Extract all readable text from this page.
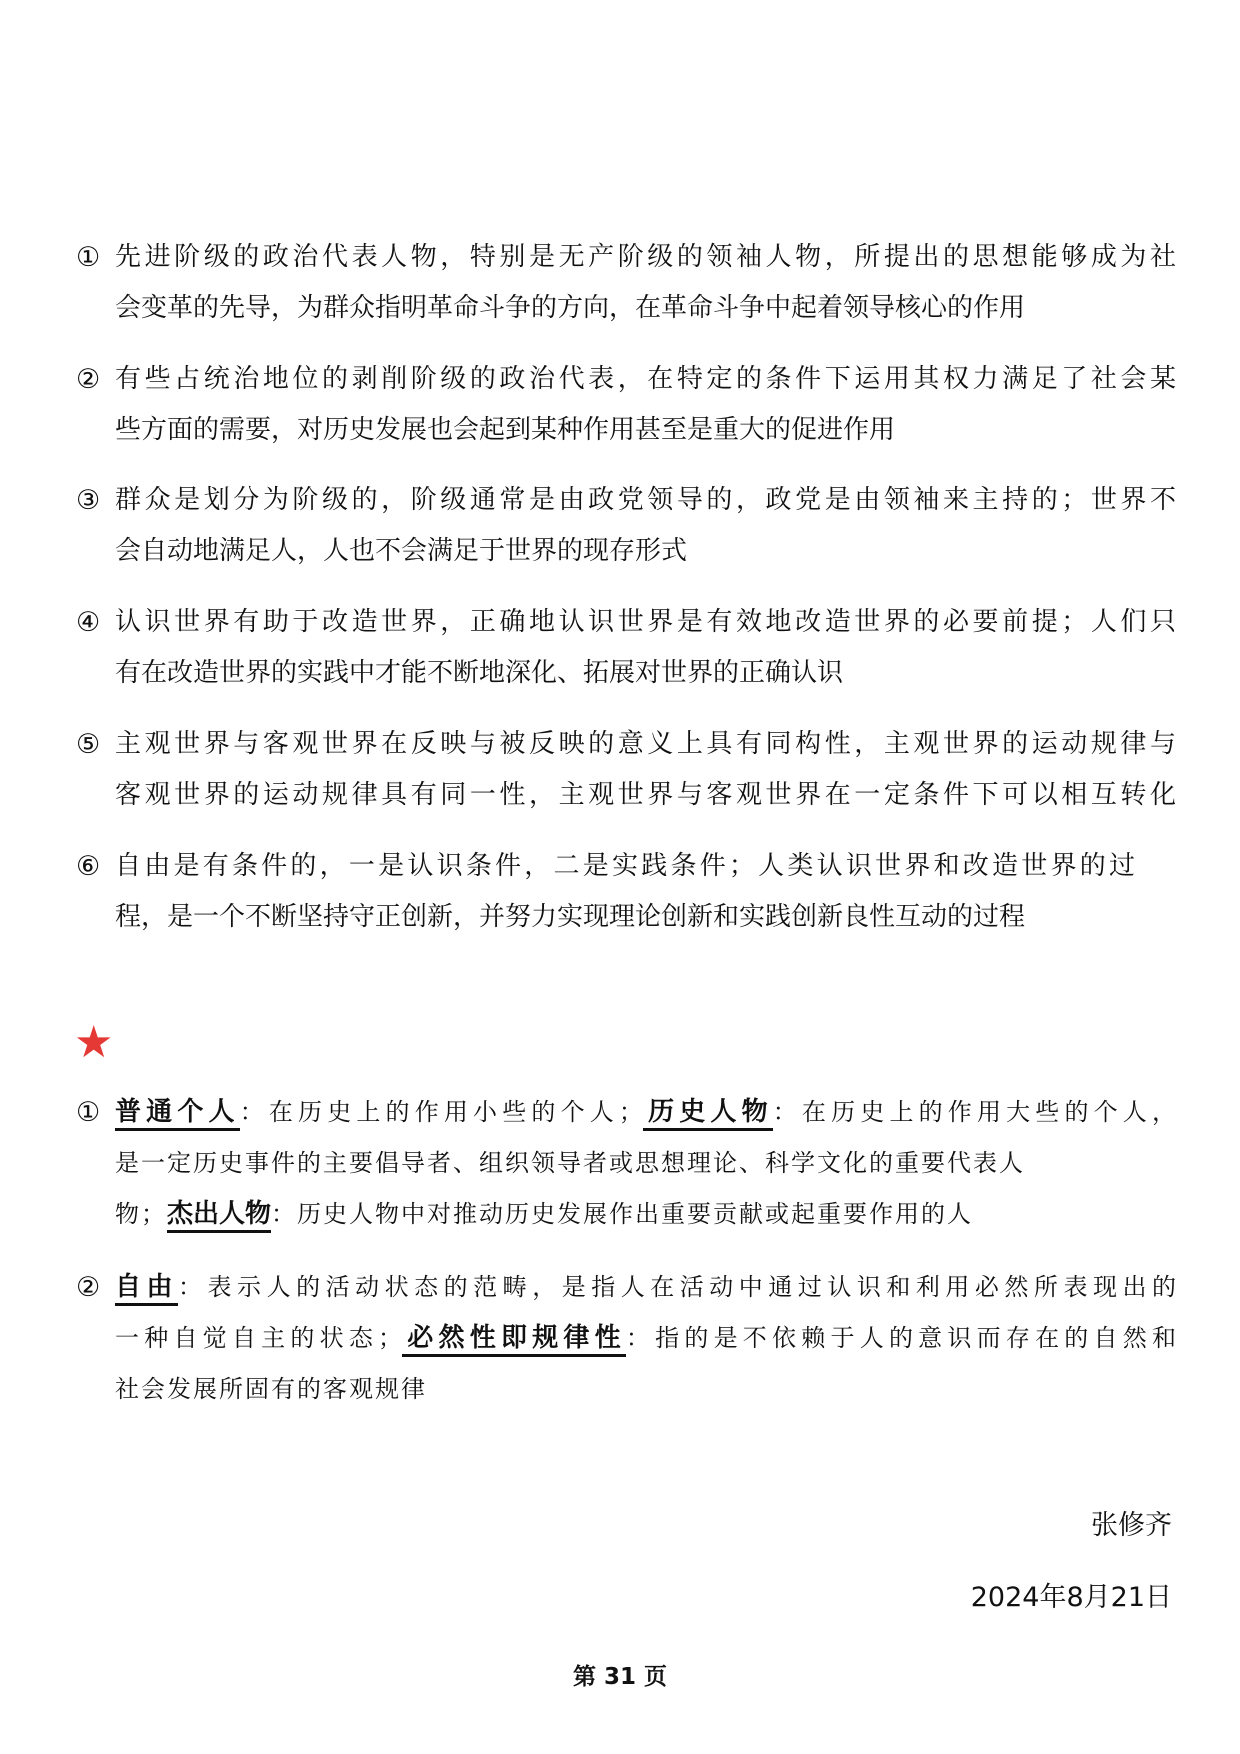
① 先进阶级的政治代表人物，特别是无产阶级的领袖人物，所提出的思想能够成为社
会变革的先导，为群众指明革命斗争的方向，在革命斗争中起着领导核心的作用
② 有些占统治地位的剥削阶级的政治代表，在特定的条件下运用其权力满足了社会某
些方面的需要，对历史发展也会起到某种作用甚至是重大的促进作用
③ 群众是划分为阶级的，阶级通常是由政党领导的，政党是由领袖来主持的；世界不
会自动地满足人，人也不会满足于世界的现存形式
④ 认识世界有助于改造世界，正确地认识世界是有效地改造世界的必要前提；人们只
有在改造世界的实践中才能不断地深化、拓展对世界的正确认识
⑤ 主观世界与客观世界在反映与被反映的意义上具有同构性，主观世界的运动规律与
客观世界的运动规律具有同一性，主观世界与客观世界在一定条件下可以相互转化
⑥ 自由是有条件的，一是认识条件，二是实践条件；人类认识世界和改造世界的过
程，是一个不断坚持守正创新，并努力实现理论创新和实践创新良性互动的过程
★
① 普通个人：在历史上的作用小些的个人；历史人物：在历史上的作用大些的个人，
是一定历史事件的主要倡导者、组织领导者或思想理论、科学文化的重要代表人
物；杰出人物：历史人物中对推动历史发展作出重要贡献或起重要作用的人
② 自由：表示人的活动状态的范畴，是指人在活动中通过认识和利用必然所表现出的
一种自觉自主的状态；必然性即规律性：指的是不依赖于人的意识而存在的自然和
社会发展所固有的客观规律
张修齐
2024年8月21日
第 31 页
